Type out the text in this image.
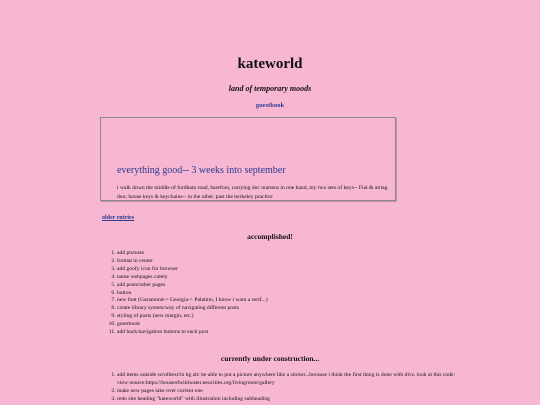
kateworld
land of temporary moods
guestbook
everything good-- 3 weeks into september
i walk down the middle of fordham road, barefoot, carrying doc martens in one hand, my two sets of keys-- Fiat & airtag duo; house keys & keychains-- in the other. past the berkeley practice
older entries
accomplished!
1. add pictures
2. format in center
3. add goofy icon for browser
4. name webpages cutely
5. add posts/other pages
6. button
7. new font (Garamond-> Georgia-> Palatino, I know i want a serif...)
8. create library system/way of navigating different posts
9. styling of posts (new margin, etc.)
10. guestbook
11. add back/navigation buttons to each post
currently under construction...
1. add items outside scrolltext/in bg alt: be able to put a picture anywhere like a sticker...because i think the first thing is done with divs. look at this code: view-source:https://houseofwildwater.neocities.org/livingroom/gallery
2. make new pages take over current one
3. redo site heading "kateworld" with illustration including subheading
